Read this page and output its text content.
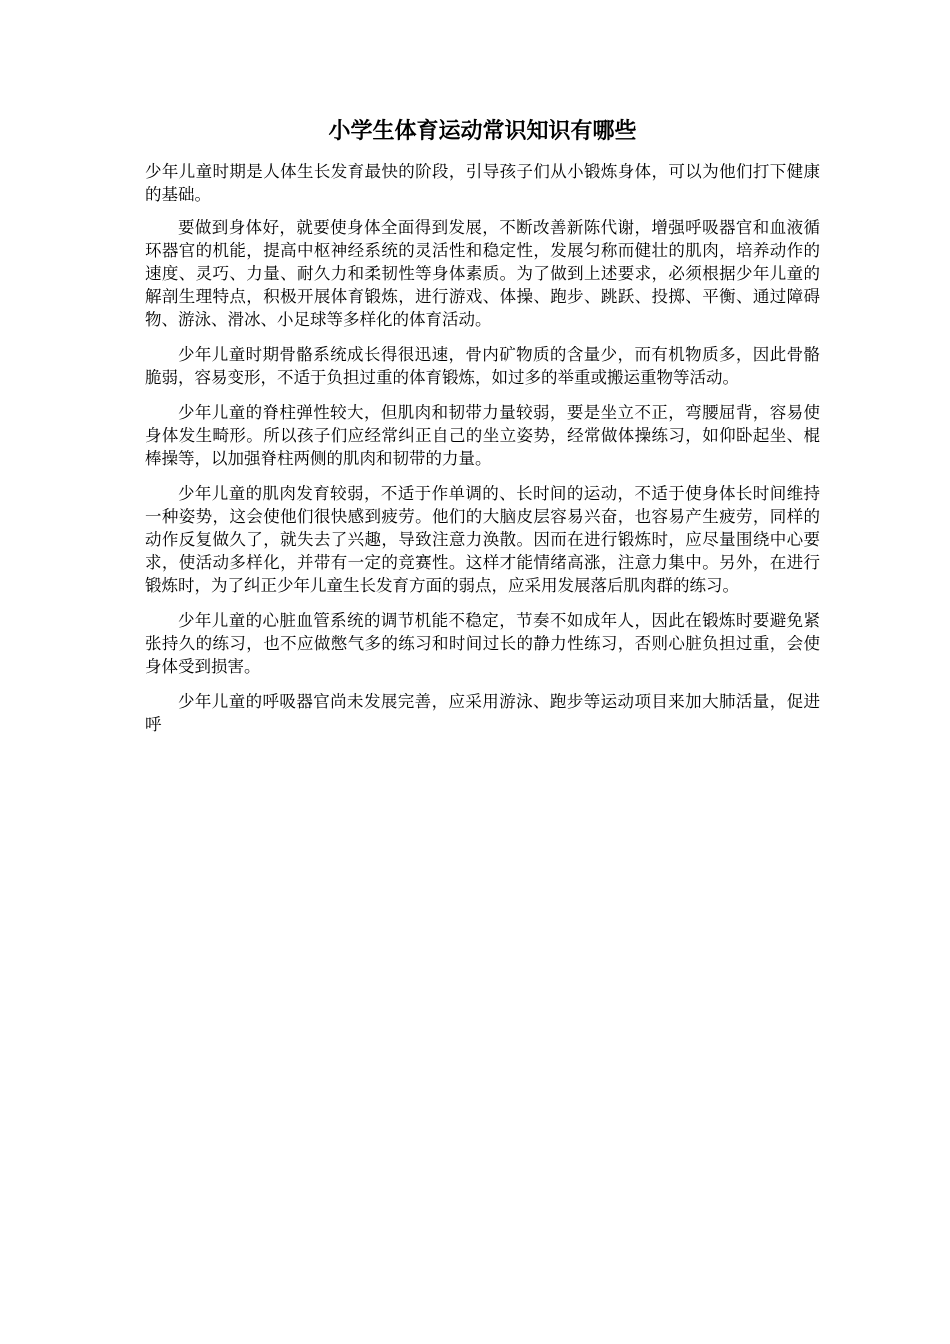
小学生体育运动常识知识有哪些

少年儿童时期是人体生长发育最快的阶段，引导孩子们从小锻炼身体，可以为他们打下健康的基础。

要做到身体好，就要使身体全面得到发展，不断改善新陈代谢，增强呼吸器官和血液循环器官的机能，提高中枢神经系统的灵活性和稳定性，发展匀称而健壮的肌肉，培养动作的速度、灵巧、力量、耐久力和柔韧性等身体素质。为了做到上述要求，必须根据少年儿童的解剖生理特点，积极开展体育锻炼，进行游戏、体操、跑步、跳跃、投掷、平衡、通过障碍物、游泳、滑冰、小足球等多样化的体育活动。

少年儿童时期骨骼系统成长得很迅速，骨内矿物质的含量少，而有机物质多，因此骨骼脆弱，容易变形，不适于负担过重的体育锻炼，如过多的举重或搬运重物等活动。

少年儿童的脊柱弹性较大，但肌肉和韧带力量较弱，要是坐立不正，弯腰屈背，容易使身体发生畸形。所以孩子们应经常纠正自己的坐立姿势，经常做体操练习，如仰卧起坐、棍棒操等，以加强脊柱两侧的肌肉和韧带的力量。

少年儿童的肌肉发育较弱，不适于作单调的、长时间的运动，不适于使身体长时间维持一种姿势，这会使他们很快感到疲劳。他们的大脑皮层容易兴奋，也容易产生疲劳，同样的动作反复做久了，就失去了兴趣，导致注意力涣散。因而在进行锻炼时，应尽量围绕中心要求，使活动多样化，并带有一定的竞赛性。这样才能情绪高涨，注意力集中。另外，在进行锻炼时，为了纠正少年儿童生长发育方面的弱点，应采用发展落后肌肉群的练习。

少年儿童的心脏血管系统的调节机能不稳定，节奏不如成年人，因此在锻炼时要避免紧张持久的练习，也不应做憋气多的练习和时间过长的静力性练习，否则心脏负担过重，会使身体受到损害。

少年儿童的呼吸器官尚未发展完善，应采用游泳、跑步等运动项目来加大肺活量，促进呼
